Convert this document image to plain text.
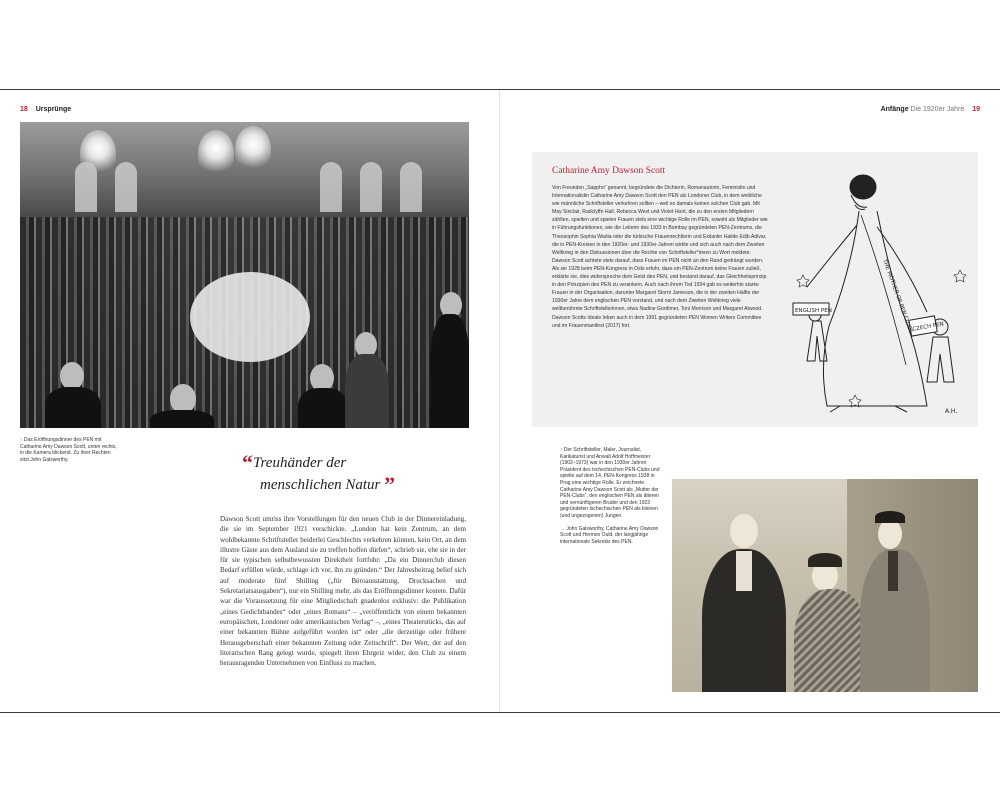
18 Ursprünge
↑ Das Eröffnungsdinner des PEN mit Catharine Amy Dawson Scott, unten rechts, in die Kamera blickend. Zu ihrer Rechten sitzt John Galsworthy.	“Treuhänder der
menschlichen Natur ”

Dawson Scott umriss ihre Vorstellungen für den neuen Club in der Dinnereinladung, die sie im September 1921 verschickte. „London hat kein Zentrum, an dem wohlbekannte Schriftsteller beiderlei Geschlechts verkehren können, kein Ort, an dem illustre Gäste aus dem Ausland sie zu treffen hoffen dürfen“, schrieb sie, ehe sie in der für sie typischen selbstbewussten Direktheit fortfuhr: „Da ein Dinnerclub diesen Bedarf erfüllen würde, schlage ich vor, ihn zu gründen.“ Der Jahresbeitrag belief sich auf moderate fünf Shilling („für Büroausstattung, Drucksachen und Sekretariatsausgaben“), nur ein Shilling mehr, als das Eröffnungsdinner kostete. Dafür war die Voraussetzung für eine Mitgliedschaft gnadenlos exklusiv: die Publikation „eines Gedichtbandes“ oder „eines Romans“ – „veröffentlicht von einem bekannten europäischen, Londoner oder amerikanischen Verlag“ –, „eines Theaterstücks, das auf einer bekannten Bühne aufgeführt worden ist“ oder „die derzeitige oder frühere Herausgeberschaft einer bekannten Zeitung oder Zeitschrift“. Der Wert, der auf den literarischen Rang gelegt wurde, spiegelt ihren Ehrgeiz wider, den Club zu einem herausragenden Unternehmen von Einfluss zu machen.

Anfänge Die 1920er Jahre 19
Catharine Amy Dawson Scott
Von Freunden „Sappho“ genannt, begründete die Dichterin, Romanautorin, Feministin und Internationalistin Catharine Amy Dawson Scott den PEN als Londoner Club, in dem weibliche wie männliche Schriftsteller verkehren sollten – weil es damals keinen solchen Club gab. Mit May Sinclair, Radclyffe Hall, Rebecca West und Violet Hunt, die zu den ersten Mitgliedern zählten, spielten und spielen Frauen stets eine wichtige Rolle im PEN, sowohl als Mitglieder wie in Führungsfunktionen, wie die Leiterin des 1933 in Bombay gegründeten PEN-Zentrums, die Theosophin Sophia Wadia oder die türkische Frauenrechtlerin und Exilantin Halide Edib Adivar, die in PEN-Kreisen in den 1920er- und 1930er-Jahren wirkte und sich auch nach dem Zweiten Weltkrieg in den Diskussionen über die Rechte von Schriftsteller*innen zu Wort meldete. Dawson Scott achtete stets darauf, dass Frauen im PEN nicht an den Rand gedrängt wurden. Als sie 1928 beim PEN-Kongress in Oslo erfuhr, dass ein PEN-Zentrum keine Frauen zuließ, erklärte sie, dies widerspreche dem Geist des PEN, und bestand darauf, das Gleichheitsprinzip in den Prinzipien des PEN zu verankern. Auch nach ihrem Tod 1934 gab es weiterhin starke Frauen in der Organisation, darunter Margaret Storm Jameson, die in der zweiten Hälfte der 1930er Jahre dem englischen PEN vorstand, und nach dem Zweiten Weltkrieg viele weltberühmte Schriftstellerinnen, etwa Nadine Gordimer, Toni Morrison und Margaret Atwood. Dawson Scotts Ideale leben auch in dem 1991 gegründeten PEN Women Writers Committee und im Frauenmanifest (2017) fort.
ENGLISH PEN	THE MOTHER OF PEN CLUBS
CZECH PEN
A.H.
↑ Der Schriftsteller, Maler, Journalist, Karikaturist und Anwalt Adolf Hoffmeister (1902–1973) war in den 1930er Jahren Präsident des tschechischen PEN-Clubs und spielte auf dem 14. PEN-Kongress 1938 in Prag eine wichtige Rolle. Er zeichnete Catharine Amy Dawson Scott als „Mutter der PEN-Clubs“, den englischen PEN als älteren und vernünftigeren Bruder und den 1923 gegründeten tschechischen PEN als kleinen (und ungezogenen) Jungen.
→ John Galsworthy, Catharine Amy Dawson Scott und Hermon Ould, der langjährige internationale Sekretär des PEN.
